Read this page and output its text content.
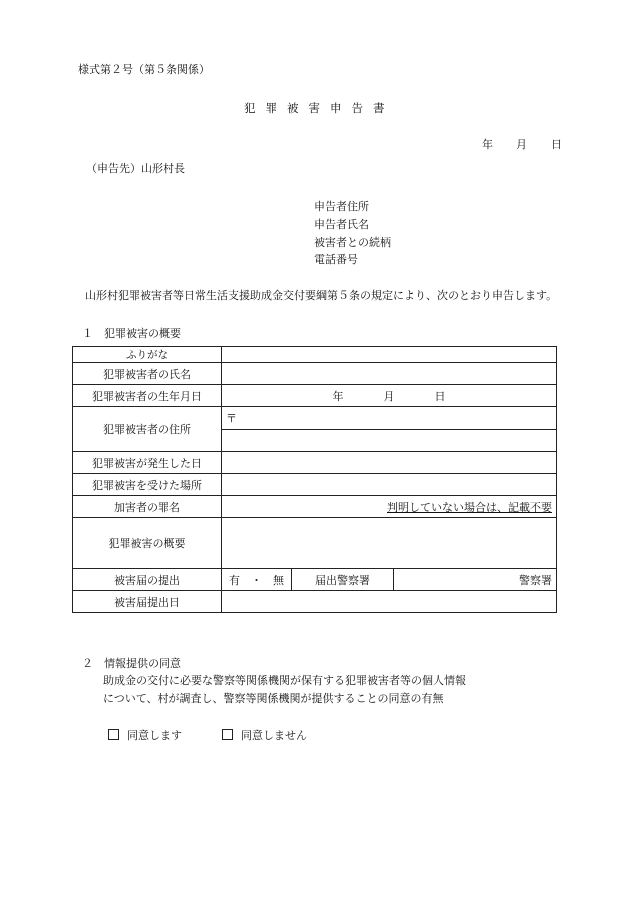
様式第２号（第５条関係）
犯罪被害申告書
年 月 日
（申告先）山形村長
申告者住所
申告者氏名
被害者との続柄
電話番号
山形村犯罪被害者等日常生活支援助成金交付要綱第５条の規定により、次のとおり申告します。
１　犯罪被害の概要
ふりがな			
犯罪被害者の氏名			
犯罪被害者の生年月日	年 月 日		

犯罪被害者の住所	〒		

犯罪被害が発生した日			
犯罪被害を受けた場所			
加害者の罪名	判明していない場合は、記載不要		

犯罪被害の概要			
被害届の提出	有　・　無	届出警察署	警察署
被害届提出日			
２　情報提供の同意
助成金の交付に必要な警察等関係機関が保有する犯罪被害者等の個人情報
について、村が調査し、警察等関係機関が提供することの同意の有無
同意します	同意しません
